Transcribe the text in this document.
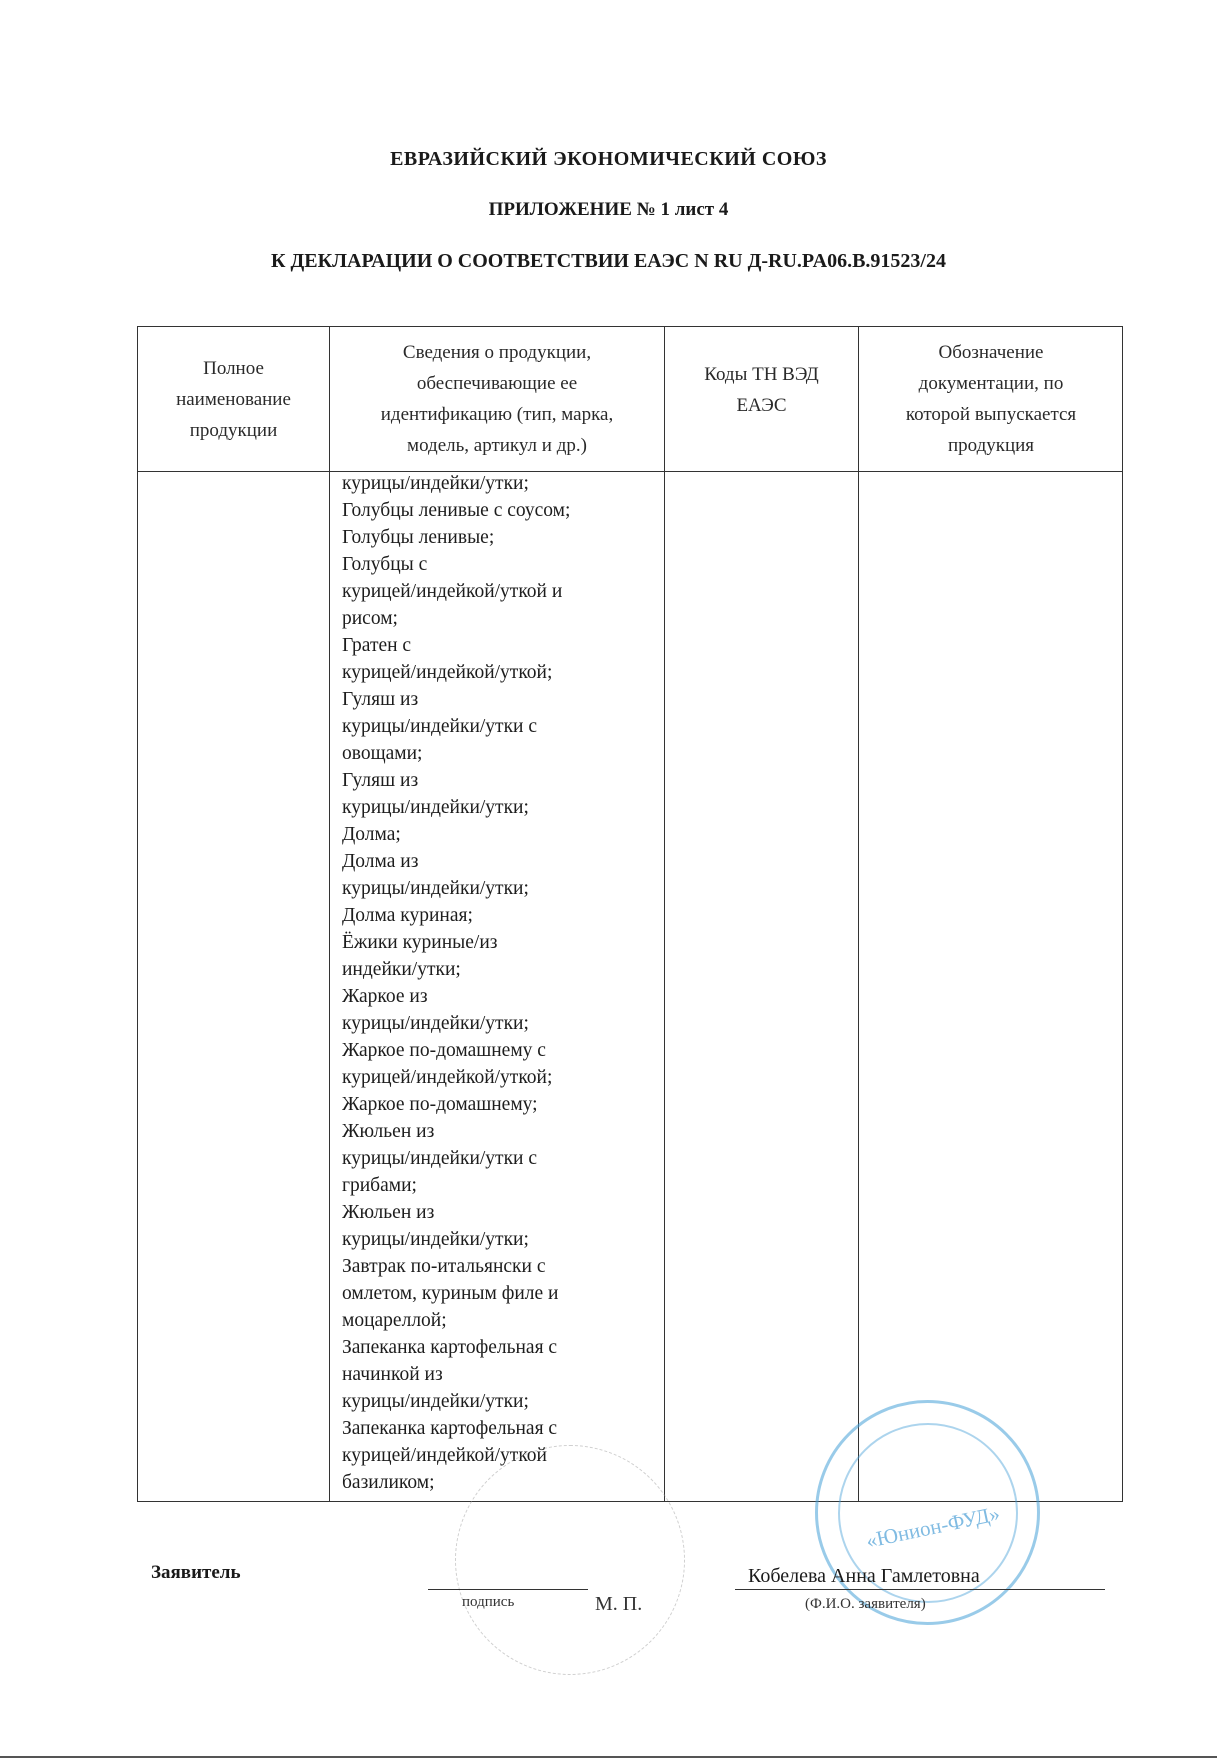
ЕВРАЗИЙСКИЙ ЭКОНОМИЧЕСКИЙ СОЮЗ
ПРИЛОЖЕНИЕ № 1 лист 4
К ДЕКЛАРАЦИИ О СООТВЕТСТВИИ ЕАЭС N RU Д-RU.PA06.B.91523/24
Полное
наименование
продукции
Сведения о продукции,
обеспечивающие ее
идентификацию (тип, марка,
модель, артикул и др.)
Коды ТН ВЭД
ЕАЭС
Обозначение
документации, по
которой выпускается
продукция
курицы/индейки/утки;
Голубцы ленивые с соусом;
Голубцы ленивые;
Голубцы с
курицей/индейкой/уткой и
рисом;
Гратен с
курицей/индейкой/уткой;
Гуляш из
курицы/индейки/утки с
овощами;
Гуляш из
курицы/индейки/утки;
Долма;
Долма из
курицы/индейки/утки;
Долма куриная;
Ёжики куриные/из
индейки/утки;
Жаркое из
курицы/индейки/утки;
Жаркое по-домашнему с
курицей/индейкой/уткой;
Жаркое по-домашнему;
Жюльен из
курицы/индейки/утки с
грибами;
Жюльен из
курицы/индейки/утки;
Завтрак по-итальянски с
омлетом, куриным филе и
моцареллой;
Запеканка картофельная с
начинкой из
курицы/индейки/утки;
Запеканка картофельная с
курицей/индейкой/уткой
базиликом;
«Юнион-ФУД»
Заявитель
подпись	М. П.
Кобелева Анна Гамлетовна
(Ф.И.О. заявителя)
